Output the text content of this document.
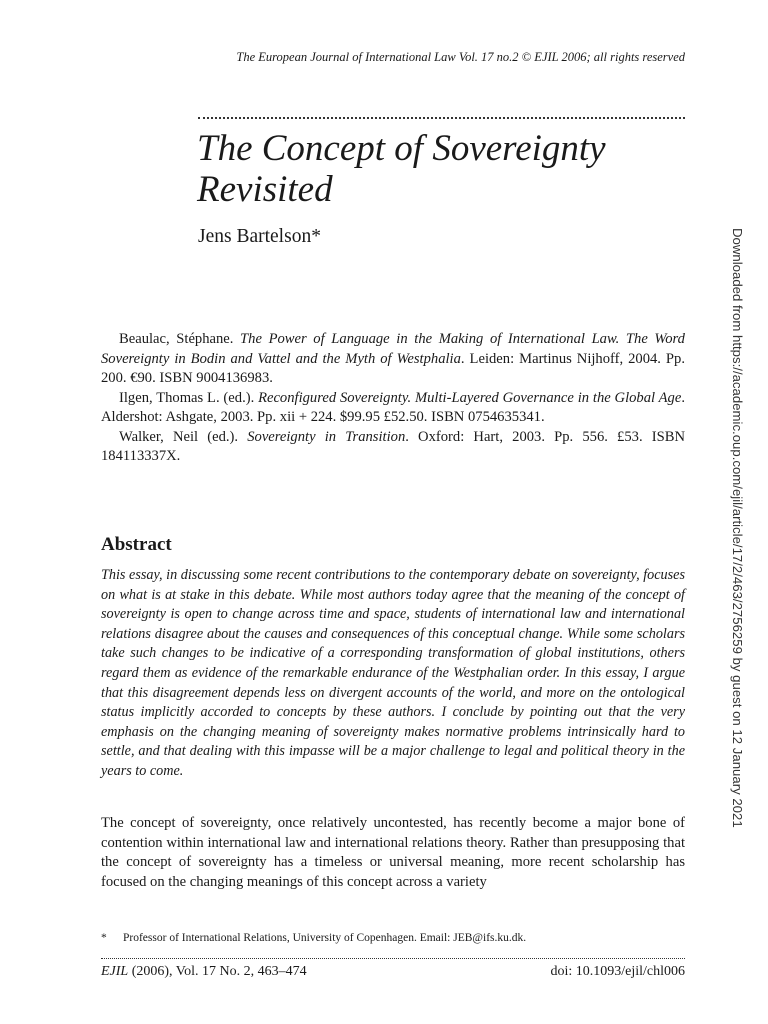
The European Journal of International Law Vol. 17 no.2 © EJIL 2006; all rights reserved
The Concept of Sovereignty Revisited
Jens Bartelson*	Downloaded from https://academic.oup.com/ejil/article/17/2/463/2756259 by guest on 12 January 2021

Beaulac, Stéphane. The Power of Language in the Making of International Law. The Word Sovereignty in Bodin and Vattel and the Myth of Westphalia. Leiden: Martinus Nijhoff, 2004. Pp. 200. €90. ISBN 9004136983.

Ilgen, Thomas L. (ed.). Reconfigured Sovereignty. Multi-Layered Governance in the Global Age. Aldershot: Ashgate, 2003. Pp. xii + 224. $99.95 £52.50. ISBN 0754635341.

Walker, Neil (ed.). Sovereignty in Transition. Oxford: Hart, 2003. Pp. 556. £53. ISBN 184113337X.

Abstract

This essay, in discussing some recent contributions to the contemporary debate on sovereignty, focuses on what is at stake in this debate. While most authors today agree that the meaning of the concept of sovereignty is open to change across time and space, students of international law and international relations disagree about the causes and consequences of this conceptual change. While some scholars take such changes to be indicative of a corresponding transformation of global institutions, others regard them as evidence of the remarkable endurance of the Westphalian order. In this essay, I argue that this disagreement depends less on divergent accounts of the world, and more on the ontological status implicitly accorded to concepts by these authors. I conclude by pointing out that the very emphasis on the changing meaning of sovereignty makes normative problems intrinsically hard to settle, and that dealing with this impasse will be a major challenge to legal and political theory in the years to come.

The concept of sovereignty, once relatively uncontested, has recently become a major bone of contention within international law and international relations theory. Rather than presupposing that the concept of sovereignty has a timeless or universal meaning, more recent scholarship has focused on the changing meanings of this concept across a variety

* Professor of International Relations, University of Copenhagen. Email: JEB@ifs.ku.dk.
EJIL (2006), Vol. 17 No. 2, 463–474	doi: 10.1093/ejil/chl006
